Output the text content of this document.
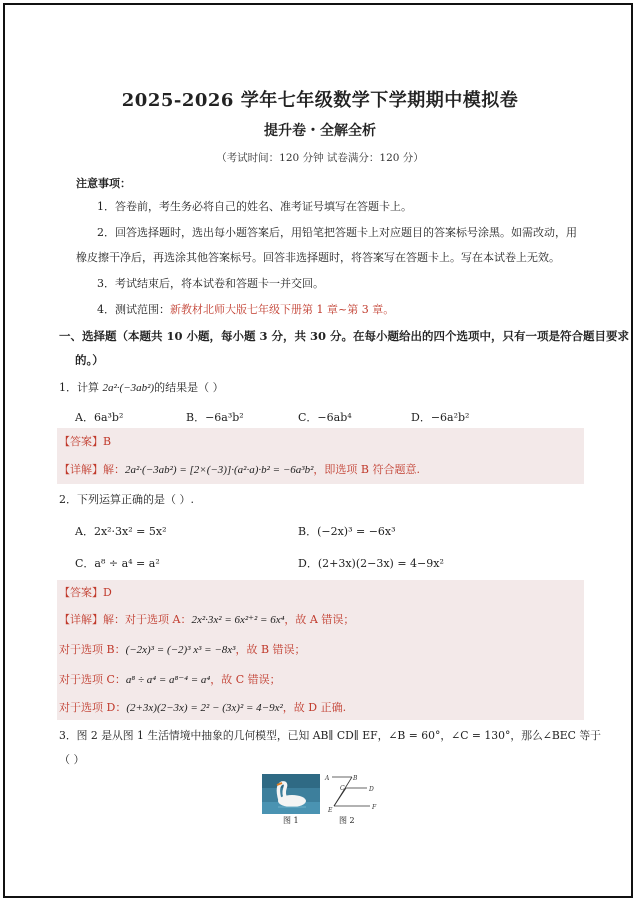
2025-2026 学年七年级数学下学期期中模拟卷
提升卷・全解全析
（考试时间：120 分钟 试卷满分：120 分）
注意事项：
1．答卷前，考生务必将自己的姓名、准考证号填写在答题卡上。
2．回答选择题时，选出每小题答案后，用铅笔把答题卡上对应题目的答案标号涂黑。如需改动，用
橡皮擦干净后，再选涂其他答案标号。回答非选择题时，将答案写在答题卡上。写在本试卷上无效。
3．考试结束后，将本试卷和答题卡一并交回。
4．测试范围：新教材北师大版七年级下册第 1 章~第 3 章。
一、选择题（本题共 10 小题，每小题 3 分，共 30 分。在每小题给出的四个选项中，只有一项是符合题目要求
的。）
1．计算 2a²·(−3ab²)的结果是（ ）
A．6a³b²	B．−6a³b²	C．−6ab⁴	D．−6a²b²
【答案】B
【详解】解：2a²·(−3ab²) = [2×(−3)]·(a²·a)·b² = −6a³b²，即选项 B 符合题意.
2．下列运算正确的是（ ）.
A．2x²·3x² = 5x²	B．(−2x)³ = −6x³
C．a⁸ ÷ a⁴ = a²	D．(2+3x)(2−3x) = 4−9x²
【答案】D
【详解】解：对于选项 A：2x²·3x² = 6x²⁺² = 6x⁴，故 A 错误；
对于选项 B：(−2x)³ = (−2)³ x³ = −8x³，故 B 错误；
对于选项 C：a⁸ ÷ a⁴ = a⁸⁻⁴ = a⁴，故 C 错误；
对于选项 D：(2+3x)(2−3x) = 2² − (3x)² = 4−9x²，故 D 正确.
3．图 2 是从图 1 生活情境中抽象的几何模型，已知 AB∥ CD∥ EF，∠B = 60°，∠C = 130°，那么∠BEC 等于
（ ）
图 1
A	B
C	D
E	F
图 2
